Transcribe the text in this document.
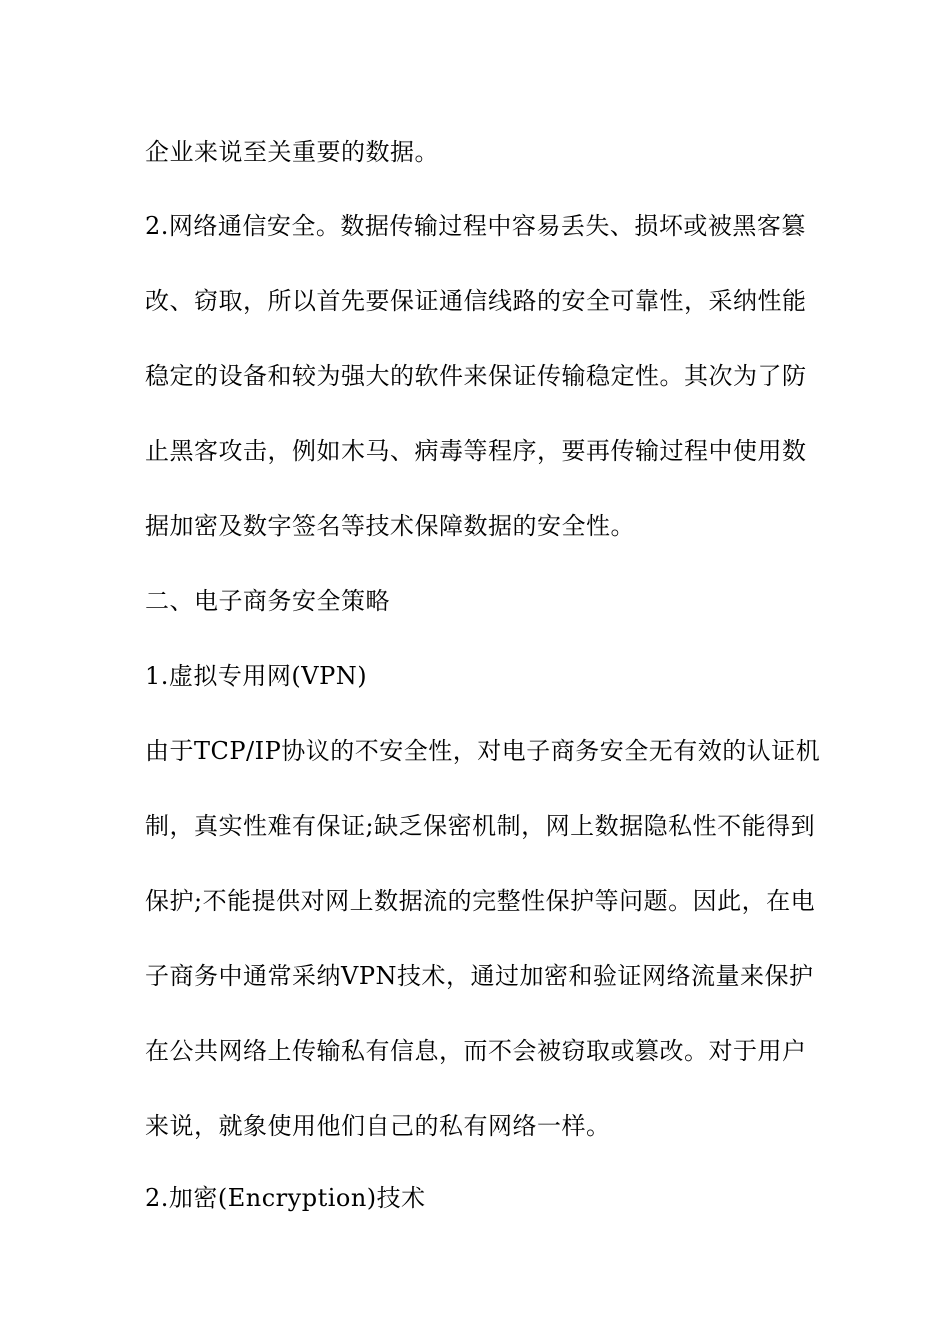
企业来说至关重要的数据。
2.网络通信安全。数据传输过程中容易丢失、损坏或被黑客篡
改、窃取，所以首先要保证通信线路的安全可靠性，采纳性能
稳定的设备和较为强大的软件来保证传输稳定性。其次为了防
止黑客攻击，例如木马、病毒等程序，要再传输过程中使用数
据加密及数字签名等技术保障数据的安全性。
二、电子商务安全策略
1.虚拟专用网(VPN)
由于TCP/IP协议的不安全性，对电子商务安全无有效的认证机
制，真实性难有保证;缺乏保密机制，网上数据隐私性不能得到
保护;不能提供对网上数据流的完整性保护等问题。因此，在电
子商务中通常采纳VPN技术，通过加密和验证网络流量来保护
在公共网络上传输私有信息，而不会被窃取或篡改。对于用户
来说，就象使用他们自己的私有网络一样。
2.加密(Encryption)技术
